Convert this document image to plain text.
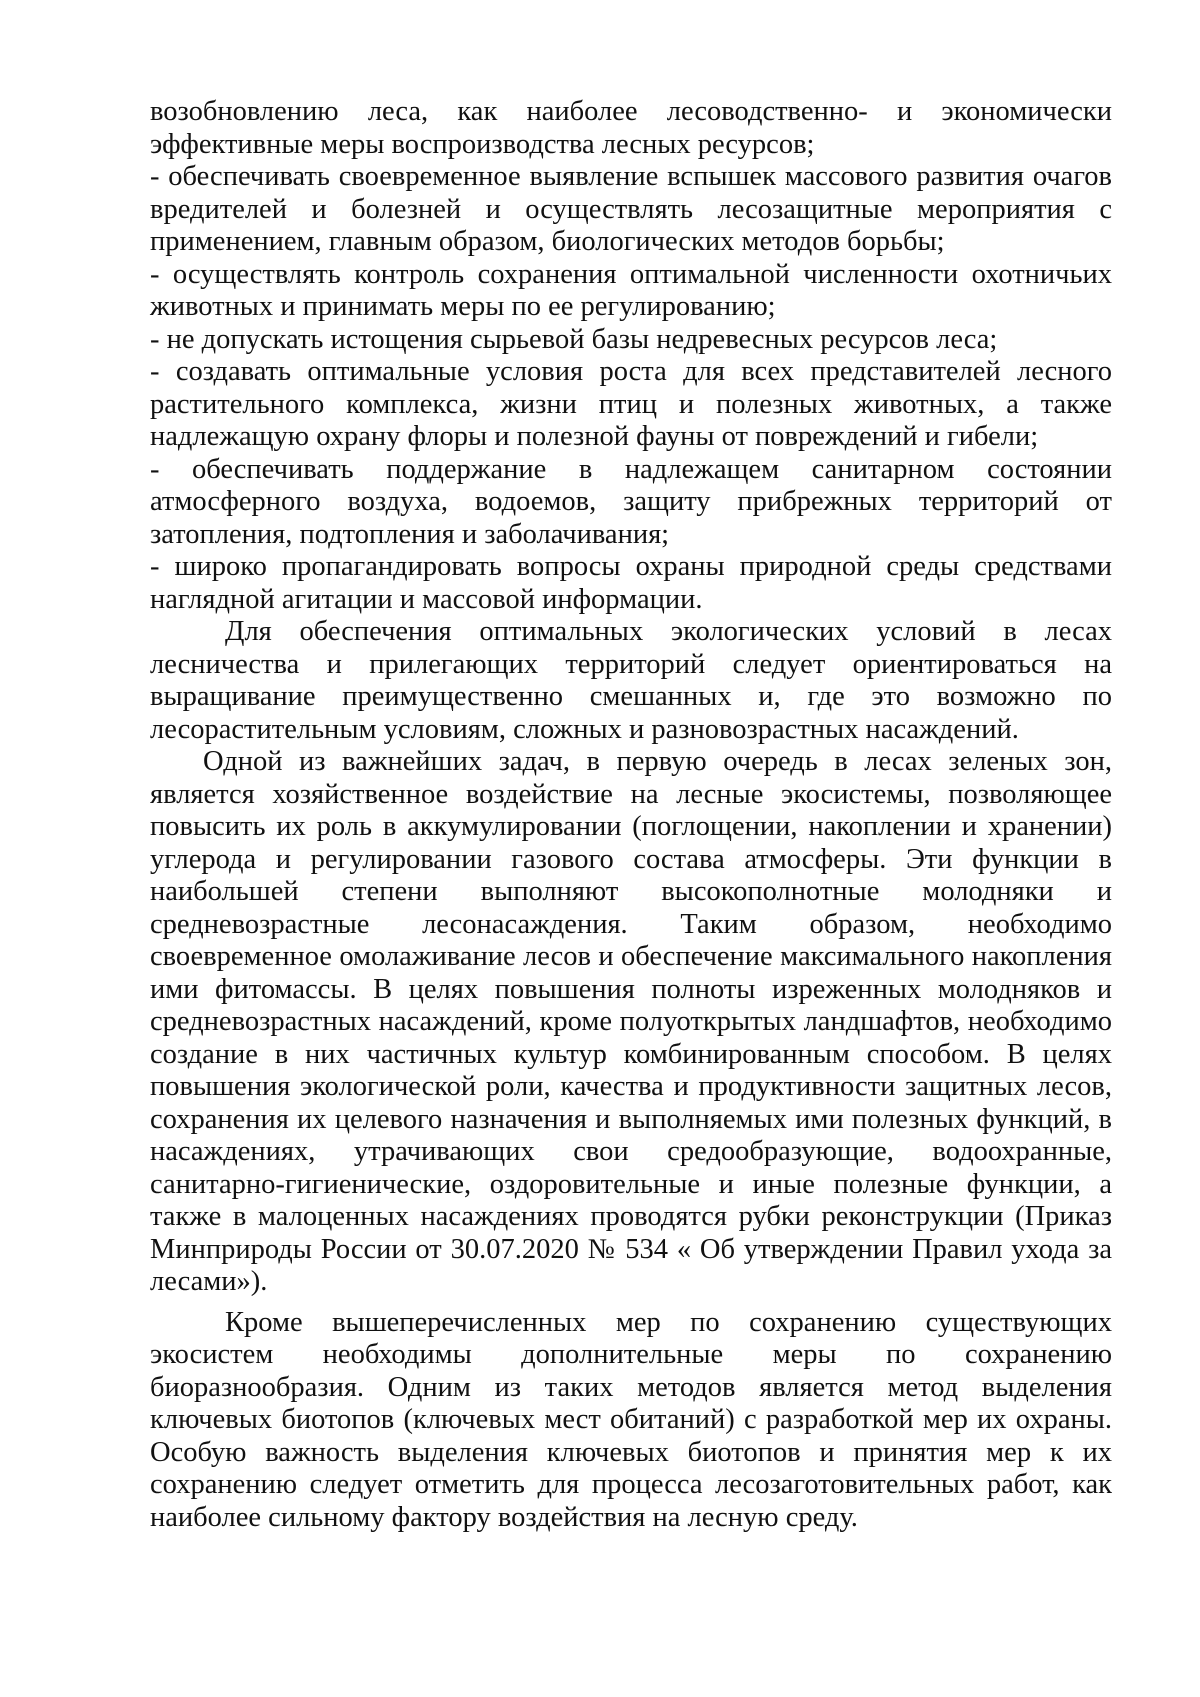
возобновлению леса, как наиболее лесоводственно- и экономически эффективные меры воспроизводства лесных ресурсов;

- обеспечивать своевременное выявление вспышек массового развития очагов вредителей и болезней и осуществлять лесозащитные мероприятия с применением, главным образом, биологических методов борьбы;

- осуществлять контроль сохранения оптимальной численности охотничьих животных и принимать меры по ее регулированию;

- не допускать истощения сырьевой базы недревесных ресурсов леса;

- создавать оптимальные условия роста для всех представителей лесного растительного комплекса, жизни птиц и полезных животных, а также надлежащую охрану флоры и полезной фауны от повреждений и гибели;

- обеспечивать поддержание в надлежащем санитарном состоянии атмосферного воздуха, водоемов, защиту прибрежных территорий от затопления, подтопления и заболачивания;

- широко пропагандировать вопросы охраны природной среды средствами наглядной агитации и массовой информации.

Для обеспечения оптимальных экологических условий в лесах лесничества и прилегающих территорий следует ориентироваться на выращивание преимущественно смешанных и, где это возможно по лесорастительным условиям, сложных и разновозрастных насаждений.

Одной из важнейших задач, в первую очередь в лесах зеленых зон, является хозяйственное воздействие на лесные экосистемы, позволяющее повысить их роль в аккумулировании (поглощении, накоплении и хранении) углерода и регулировании газового состава атмосферы. Эти функции в наибольшей степени выполняют высокополнотные молодняки и средневозрастные лесонасаждения. Таким образом, необходимо своевременное омолаживание лесов и обеспечение максимального накопления ими фитомассы. В целях повышения полноты изреженных молодняков и средневозрастных насаждений, кроме полуоткрытых ландшафтов, необходимо создание в них частичных культур комбинированным способом. В целях повышения экологической роли, качества и продуктивности защитных лесов, сохранения их целевого назначения и выполняемых ими полезных функций, в насаждениях, утрачивающих свои средообразующие, водоохранные, санитарно-гигиенические, оздоровительные и иные полезные функции, а также в малоценных насаждениях проводятся рубки реконструкции (Приказ Минприроды России от 30.07.2020 № 534 « Об утверждении Правил ухода за лесами»).

Кроме вышеперечисленных мер по сохранению существующих экосистем необходимы дополнительные меры по сохранению биоразнообразия. Одним из таких методов является метод выделения ключевых биотопов (ключевых мест обитаний) с разработкой мер их охраны. Особую важность выделения ключевых биотопов и принятия мер к их сохранению следует отметить для процесса лесозаготовительных работ, как наиболее сильному фактору воздействия на лесную среду.
